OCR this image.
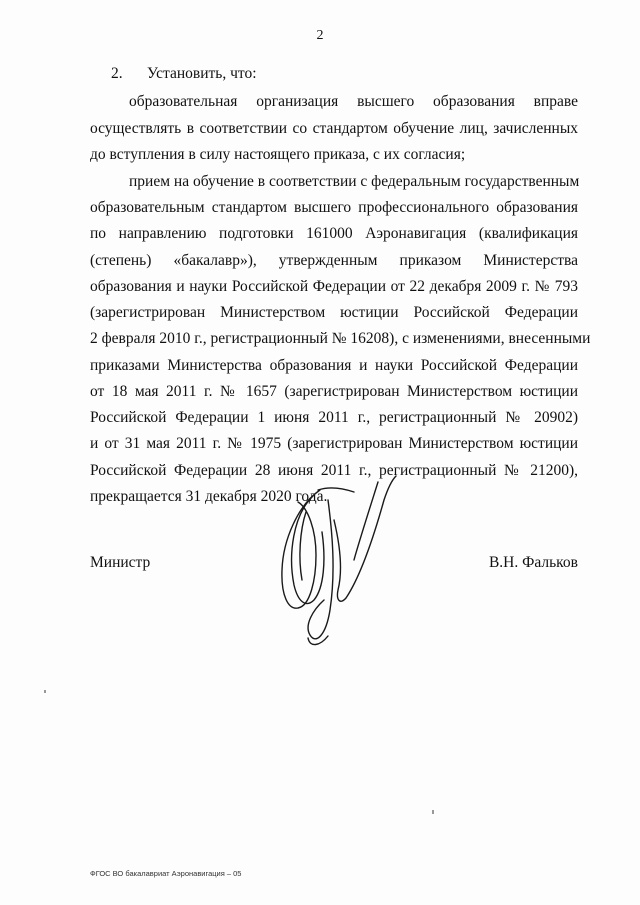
2
2. Установить, что:
образовательная организация высшего образования вправе
осуществлять в соответствии со стандартом обучение лиц, зачисленных
до вступления в силу настоящего приказа, с их согласия;
прием на обучение в соответствии с федеральным государственным
образовательным стандартом высшего профессионального образования
по направлению подготовки 161000 Аэронавигация (квалификация
(степень) «бакалавр»), утвержденным приказом Министерства
образования и науки Российской Федерации от 22 декабря 2009 г. № 793
(зарегистрирован Министерством юстиции Российской Федерации
2 февраля 2010 г., регистрационный № 16208), с изменениями, внесенными
приказами Министерства образования и науки Российской Федерации
от 18 мая 2011 г. № 1657 (зарегистрирован Министерством юстиции
Российской Федерации 1 июня 2011 г., регистрационный № 20902)
и от 31 мая 2011 г. № 1975 (зарегистрирован Министерством юстиции
Российской Федерации 28 июня 2011 г., регистрационный № 21200),
прекращается 31 декабря 2020 года.
Министр	В.Н. Фальков
ФГОС ВО бакалавриат Аэронавигация – 05
